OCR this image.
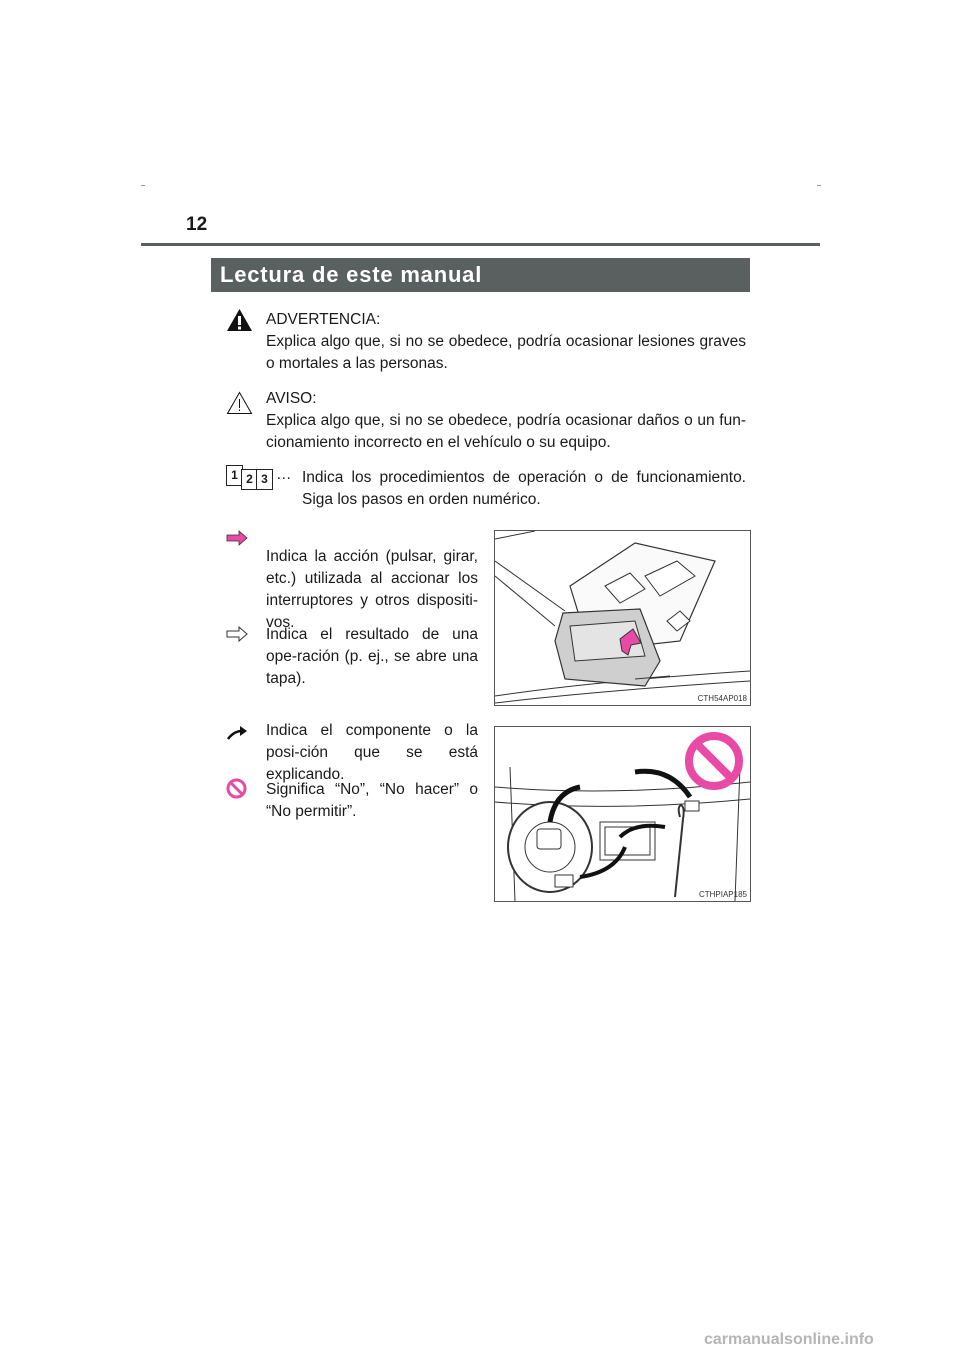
12
Lectura de este manual
ADVERTENCIA:
Explica algo que, si no se obedece, podría ocasionar lesiones graves o mortales a las personas.
AVISO:
Explica algo que, si no se obedece, podría ocasionar daños o un fun-cionamiento incorrecto en el vehículo o su equipo.
1 2 3 … Indica los procedimientos de operación o de funcionamiento. Siga los pasos en orden numérico.
Indica la acción (pulsar, girar, etc.) utilizada al accionar los interruptores y otros dispositi-vos.
Indica el resultado de una ope-ración (p. ej., se abre una tapa).
CTH54AP018
Indica el componente o la posi-ción que se está explicando.
Significa “No”, “No hacer” o “No permitir”.
CTHPIAP185
carmanualsonline.info
